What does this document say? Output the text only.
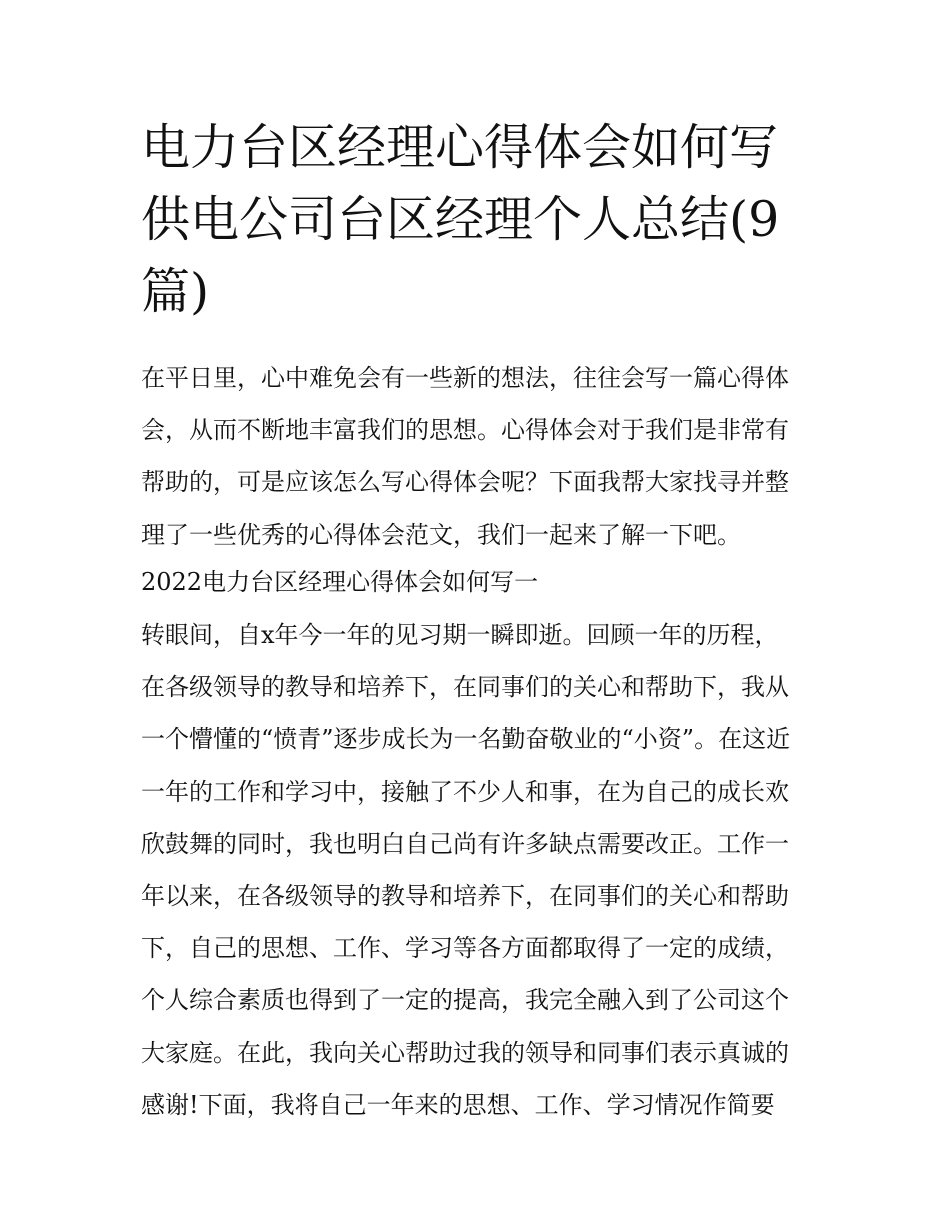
电力台区经理心得体会如何写
供电公司台区经理个人总结(9
篇)

在平日里，心中难免会有一些新的想法，往往会写一篇心得体
会，从而不断地丰富我们的思想。心得体会对于我们是非常有
帮助的，可是应该怎么写心得体会呢？下面我帮大家找寻并整
理了一些优秀的心得体会范文，我们一起来了解一下吧。

2022电力台区经理心得体会如何写一

转眼间，自x年今一年的见习期一瞬即逝。回顾一年的历程，
在各级领导的教导和培养下，在同事们的关心和帮助下，我从
一个懵懂的“愤青”逐步成长为一名勤奋敬业的“小资”。在这近
一年的工作和学习中，接触了不少人和事，在为自己的成长欢
欣鼓舞的同时，我也明白自己尚有许多缺点需要改正。工作一
年以来，在各级领导的教导和培养下，在同事们的关心和帮助
下，自己的思想、工作、学习等各方面都取得了一定的成绩，
个人综合素质也得到了一定的提高，我完全融入到了公司这个
大家庭。在此，我向关心帮助过我的领导和同事们表示真诚的
感谢!下面，我将自己一年来的思想、工作、学习情况作简要
